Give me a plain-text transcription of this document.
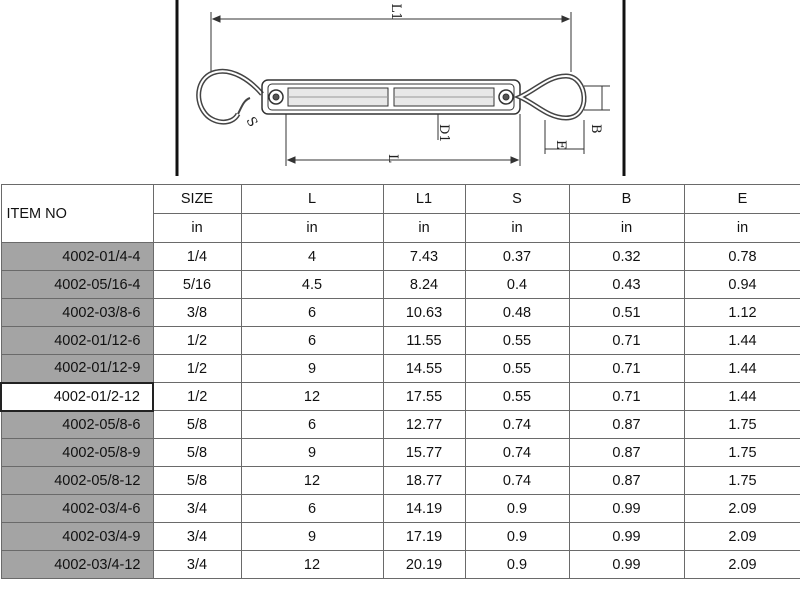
L1
S	B
E
D1
L
ITEM NO	SIZE	L	L1	S	B	E
	in	in	in	in	in	in
4002-01/4-4	1/4	4	7.43	0.37	0.32	0.78
4002-05/16-4	5/16	4.5	8.24	0.4	0.43	0.94
4002-03/8-6	3/8	6	10.63	0.48	0.51	1.12
4002-01/12-6	1/2	6	11.55	0.55	0.71	1.44
4002-01/12-9	1/2	9	14.55	0.55	0.71	1.44
4002-01/2-12	1/2	12	17.55	0.55	0.71	1.44
4002-05/8-6	5/8	6	12.77	0.74	0.87	1.75
4002-05/8-9	5/8	9	15.77	0.74	0.87	1.75
4002-05/8-12	5/8	12	18.77	0.74	0.87	1.75
4002-03/4-6	3/4	6	14.19	0.9	0.99	2.09
4002-03/4-9	3/4	9	17.19	0.9	0.99	2.09
4002-03/4-12	3/4	12	20.19	0.9	0.99	2.09
